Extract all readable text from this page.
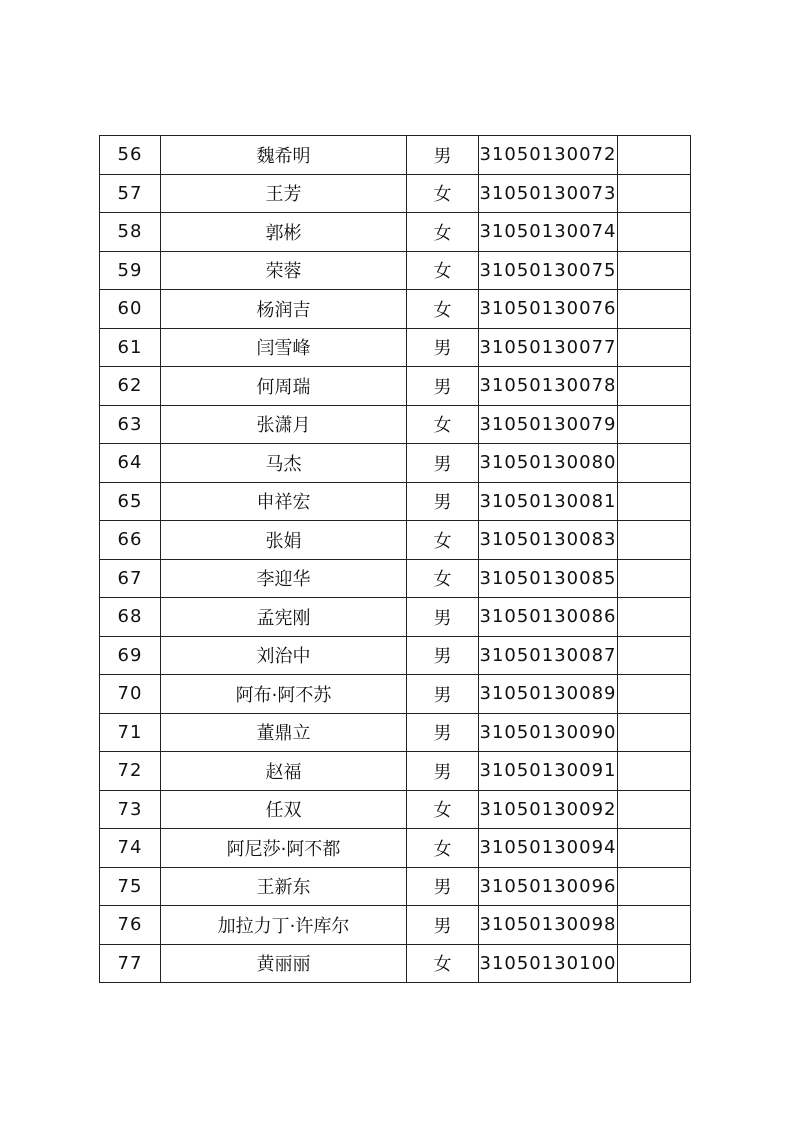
56	魏希明	男	31050130072	
57	王芳	女	31050130073	
58	郭彬	女	31050130074	
59	荣蓉	女	31050130075	
60	杨润吉	女	31050130076	
61	闫雪峰	男	31050130077	
62	何周瑞	男	31050130078	
63	张潇月	女	31050130079	
64	马杰	男	31050130080	
65	申祥宏	男	31050130081	
66	张娟	女	31050130083	
67	李迎华	女	31050130085	
68	孟宪刚	男	31050130086	
69	刘治中	男	31050130087	
70	阿布·阿不苏	男	31050130089	
71	董鼎立	男	31050130090	
72	赵福	男	31050130091	
73	任双	女	31050130092	
74	阿尼莎·阿不都	女	31050130094	
75	王新东	男	31050130096	
76	加拉力丁·许库尔	男	31050130098	
77	黄丽丽	女	31050130100	
